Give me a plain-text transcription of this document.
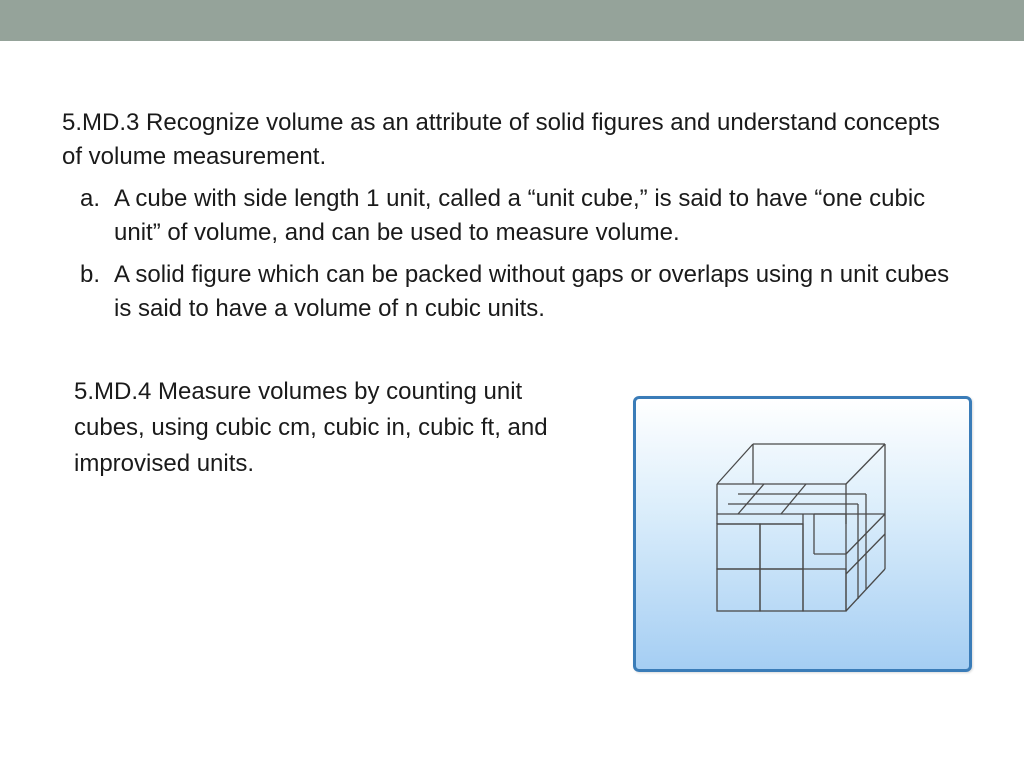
5.MD.3 Recognize volume as an attribute of solid figures and understand concepts of volume measurement.
a. A cube with side length 1 unit, called a “unit cube,” is said to have “one cubic unit” of volume, and can be used to measure volume.
b. A solid figure which can be packed without gaps or overlaps using n unit cubes is said to have a volume of n cubic units.
5.MD.4 Measure volumes by counting unit cubes, using cubic cm, cubic in, cubic ft, and improvised units.
